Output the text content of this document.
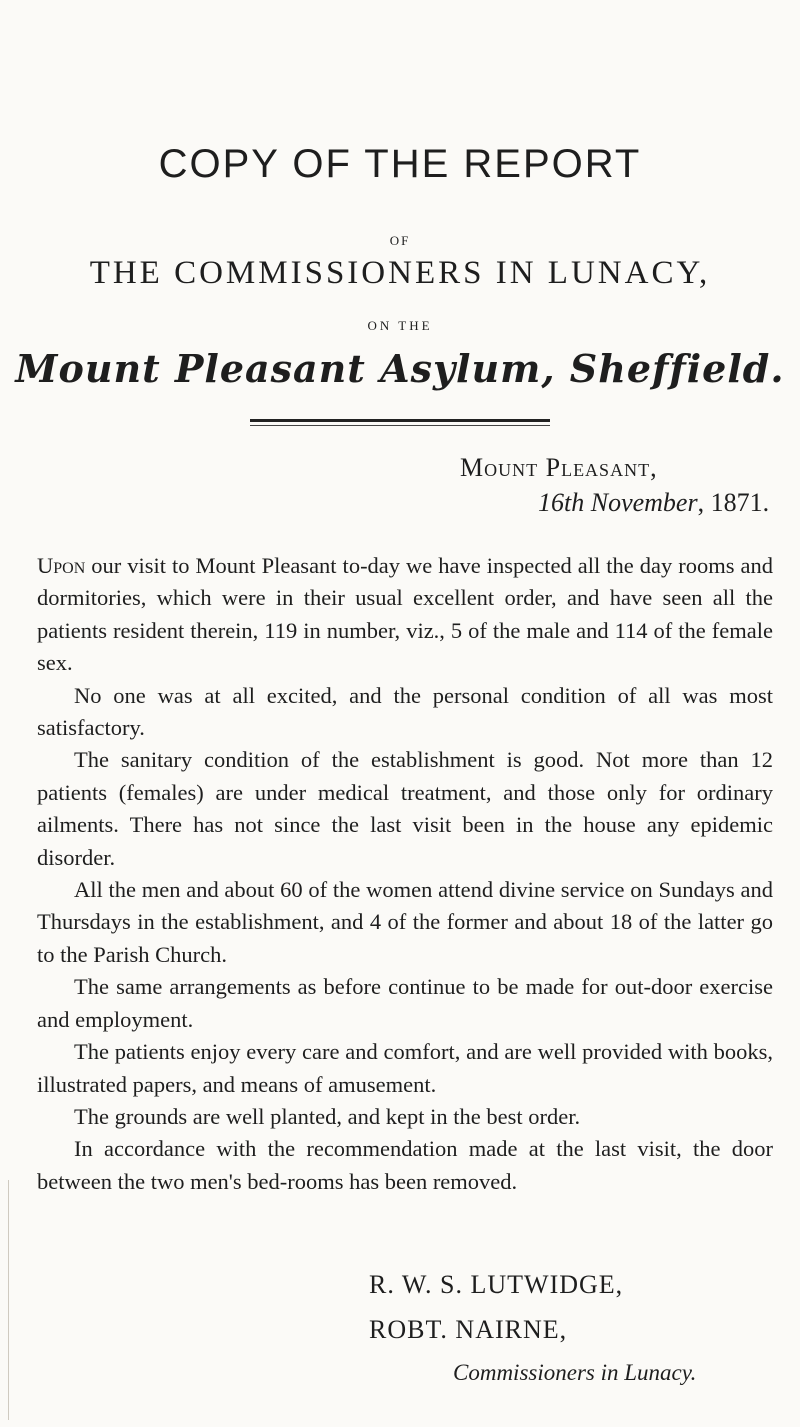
COPY OF THE REPORT
OF
THE COMMISSIONERS IN LUNACY,
ON THE
Mount Pleasant Asylum, Sheffield.
Mount Pleasant,
16th November, 1871.

Upon our visit to Mount Pleasant to-day we have inspected all the day rooms and dormitories, which were in their usual excellent order, and have seen all the patients resident therein, 119 in number, viz., 5 of the male and 114 of the female sex.

No one was at all excited, and the personal condition of all was most satisfactory.

The sanitary condition of the establishment is good. Not more than 12 patients (females) are under medical treatment, and those only for ordinary ailments. There has not since the last visit been in the house any epidemic disorder.

All the men and about 60 of the women attend divine service on Sundays and Thursdays in the establishment, and 4 of the former and about 18 of the latter go to the Parish Church.

The same arrangements as before continue to be made for out-door exercise and employment.

The patients enjoy every care and comfort, and are well provided with books, illustrated papers, and means of amusement.

The grounds are well planted, and kept in the best order.

In accordance with the recommendation made at the last visit, the door between the two men's bed-rooms has been removed.

R. W. S. LUTWIDGE,
ROBT. NAIRNE,
Commissioners in Lunacy.
